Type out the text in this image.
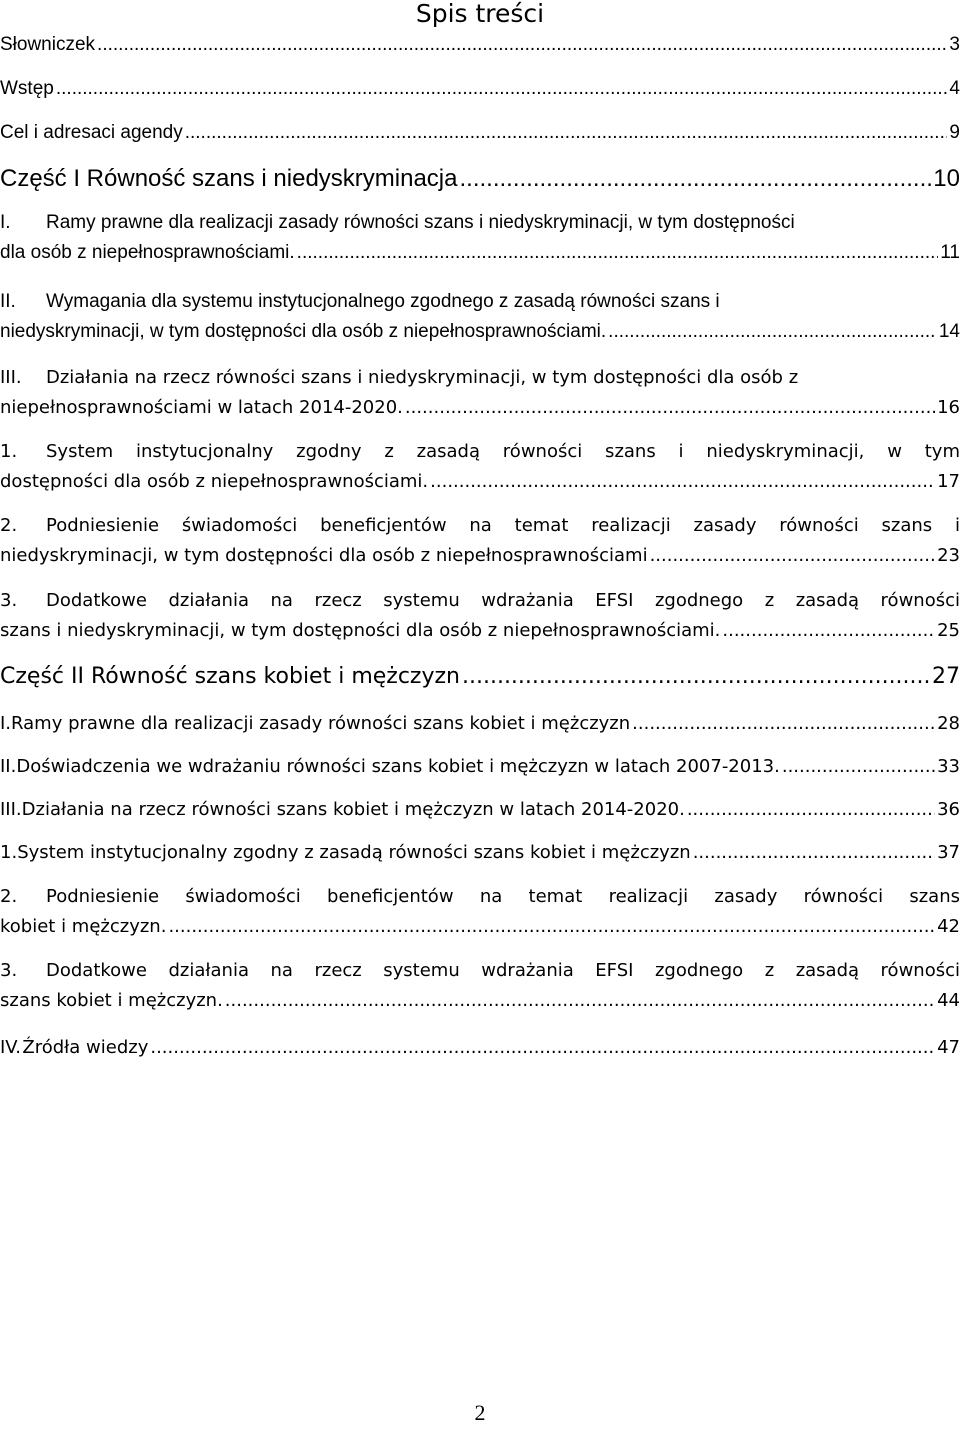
Spis treści
Słowniczek .....	3
Wstęp .....	4
Cel i adresaci agendy .....	9
Część I Równość szans i niedyskryminacja .....	10
I.	Ramy prawne dla realizacji zasady równości szans i niedyskryminacji, w tym dostępności
dla osób z niepełnosprawnościami. .....	11
II.	Wymagania dla systemu instytucjonalnego zgodnego z zasadą równości szans i
niedyskryminacji, w tym dostępności dla osób z niepełnosprawnościami. .....	14
III.	Działania na rzecz równości szans i niedyskryminacji, w tym dostępności dla osób z
niepełnosprawnościami w latach 2014-2020. .....	16
1.	System instytucjonalny zgodny z zasadą równości szans i niedyskryminacji, w tym
dostępności dla osób z niepełnosprawnościami. .....	17
2.	Podniesienie świadomości beneficjentów na temat realizacji zasady równości szans i
niedyskryminacji, w tym dostępności dla osób z niepełnosprawnościami .....	23
3.	Dodatkowe działania na rzecz systemu wdrażania EFSI zgodnego z zasadą równości
szans i niedyskryminacji, w tym dostępności dla osób z niepełnosprawnościami. .....	25
Część II Równość szans kobiet i mężczyzn .....	27
I. Ramy prawne dla realizacji zasady równości szans kobiet i mężczyzn .....	28
II. Doświadczenia we wdrażaniu równości szans kobiet i mężczyzn w latach 2007-2013. .....	33
III. Działania na rzecz równości szans kobiet i mężczyzn w latach 2014-2020. .....	36
1. System instytucjonalny zgodny z zasadą równości szans kobiet i mężczyzn .....	37
2.	Podniesienie świadomości beneficjentów na temat realizacji zasady równości szans
kobiet i mężczyzn. .....	42
3.	Dodatkowe działania na rzecz systemu wdrażania EFSI zgodnego z zasadą równości
szans kobiet i mężczyzn. .....	44
IV. Źródła wiedzy .....	47
2
